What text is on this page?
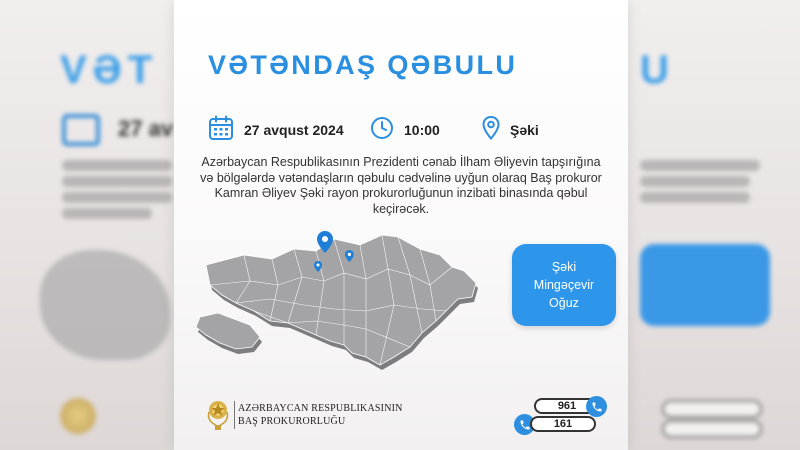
VƏT	U
27 av
VƏTƏNDAŞ QƏBULU
27 avqust 2024	10:00	Şəki

Azərbaycan Respublikasının Prezidenti cənab İlham Əliyevin tapşırığına və bölgələrdə vətəndaşların qəbulu cədvəlinə uyğun olaraq Baş prokuror Kamran Əliyev Şəki rayon prokurorluğunun inzibati binasında qəbul keçirəcək.

Şəki
Mingəçevir
Oğuz
AZƏRBAYCAN RESPUBLIKASININ
BAŞ PROKURORLUĞU
961
161
